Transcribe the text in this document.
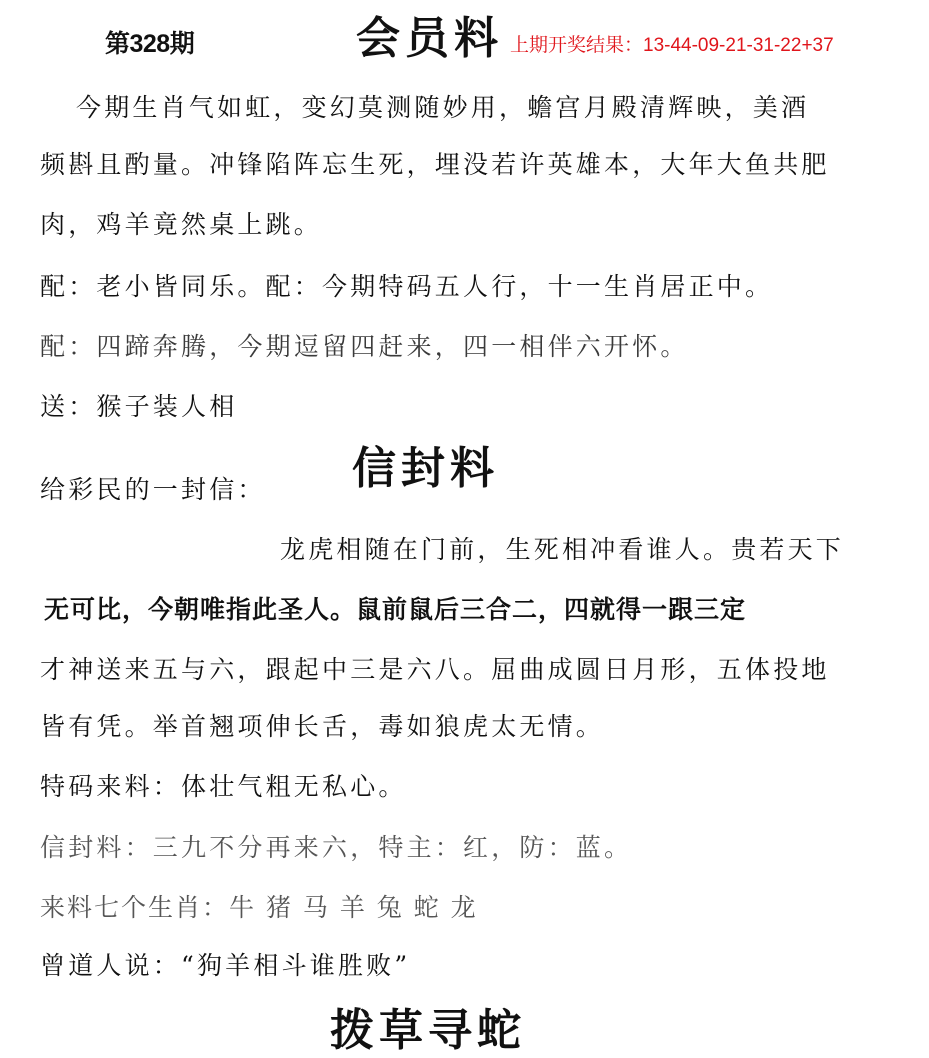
第328期	会员料 上期开奖结果：13-44-09-21-31-22+37
今期生肖气如虹，变幻莫测随妙用，蟾宫月殿清辉映，美酒
频斟且酌量。冲锋陷阵忘生死，埋没若许英雄本，大年大鱼共肥
肉，鸡羊竟然桌上跳。
配：老小皆同乐。配：今期特码五人行，十一生肖居正中。
配：四蹄奔腾，今期逗留四赶来，四一相伴六开怀。
送：猴子装人相
信封料
给彩民的一封信：
龙虎相随在门前，生死相冲看谁人。贵若天下
无可比，今朝唯指此圣人。鼠前鼠后三合二，四就得一跟三定
才神送来五与六，跟起中三是六八。屈曲成圆日月形，五体投地
皆有凭。举首翘项伸长舌，毒如狼虎太无情。
特码来料：体壮气粗无私心。
信封料：三九不分再来六，特主：红，防：蓝。
来料七个生肖：牛 猪 马 羊 兔 蛇 龙
曾道人说：“狗羊相斗谁胜败”
拨草寻蛇
